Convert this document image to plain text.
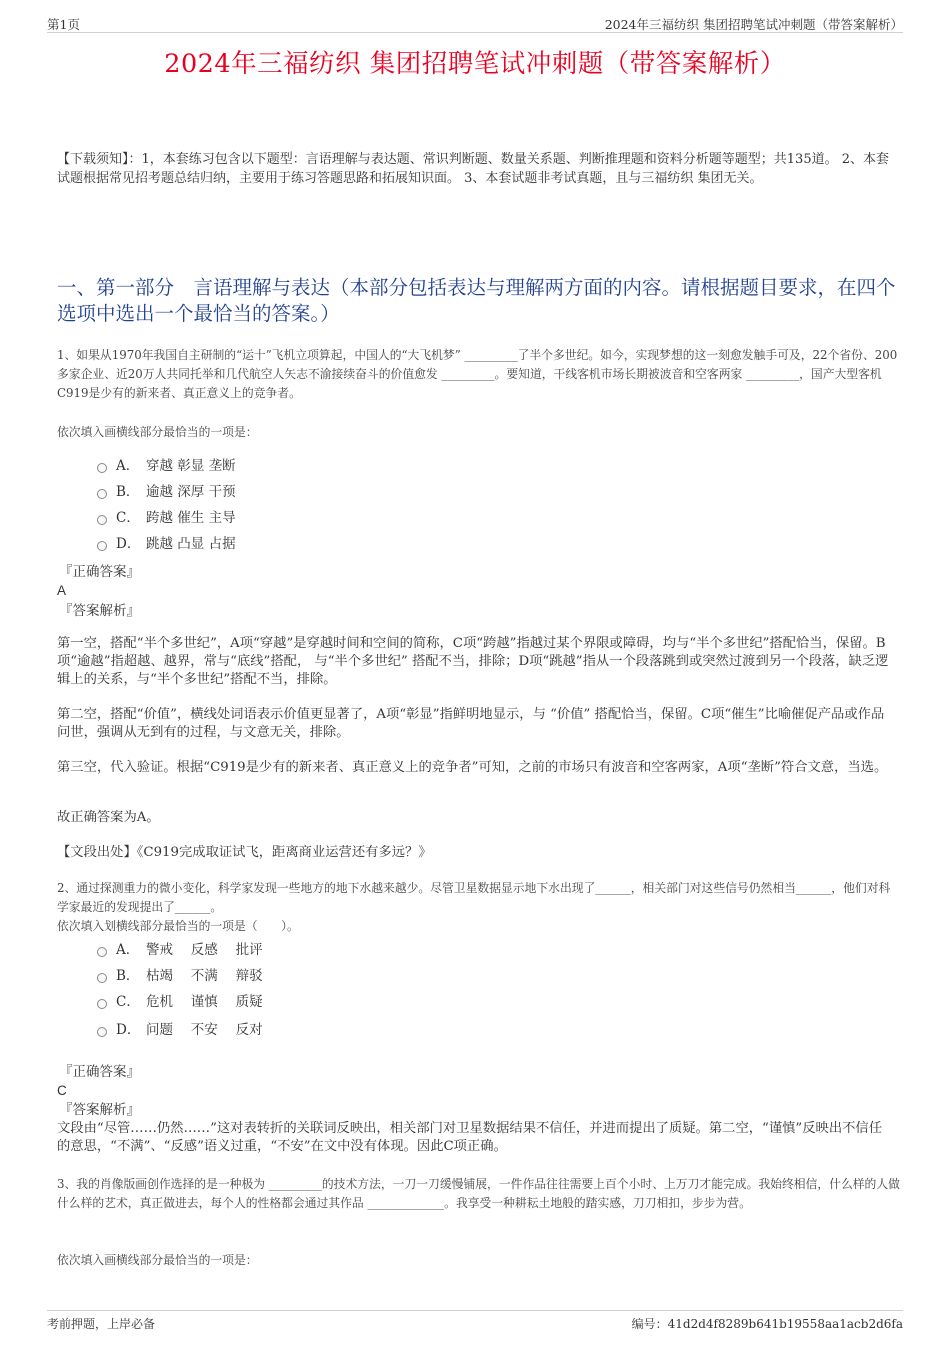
第1页	2024年三福纺织 集团招聘笔试冲刺题（带答案解析）
2024年三福纺织 集团招聘笔试冲刺题（带答案解析）
【下载须知】：1，本套练习包含以下题型：言语理解与表达题、常识判断题、数量关系题、判断推理题和资料分析题等题型；共135道。 2、本套试题根据常见招考题总结归纳，主要用于练习答题思路和拓展知识面。 3、本套试题非考试真题，且与三福纺织 集团无关。
一、第一部分　言语理解与表达（本部分包括表达与理解两方面的内容。请根据题目要求，在四个选项中选出一个最恰当的答案。）
1、如果从1970年我国自主研制的“运十”飞机立项算起，中国人的“大飞机梦” _________了半个多世纪。如今，实现梦想的这一刻愈发触手可及，22个省份、200多家企业、近20万人共同托举和几代航空人矢志不渝接续奋斗的价值愈发 _________。要知道，干线客机市场长期被波音和空客两家 _________，国产大型客机C919是少有的新来者、真正意义上的竞争者。
依次填入画横线部分最恰当的一项是：
A． 穿越 彰显 垄断
B． 逾越 深厚 干预
C． 跨越 催生 主导
D． 跳越 凸显 占据
『正确答案』
A
『答案解析』
第一空，搭配“半个多世纪”，A项“穿越”是穿越时间和空间的简称，C项“跨越”指越过某个界限或障碍，均与“半个多世纪”搭配恰当，保留。B项“逾越”指超越、越界，常与“底线”搭配， 与“半个多世纪” 搭配不当，排除；D项“跳越”指从一个段落跳到或突然过渡到另一个段落，缺乏逻辑上的关系，与“半个多世纪”搭配不当，排除。
第二空，搭配“价值”，横线处词语表示价值更显著了，A项“彰显”指鲜明地显示，与 “价值” 搭配恰当，保留。C项“催生”比喻催促产品或作品问世，强调从无到有的过程，与文意无关，排除。
第三空，代入验证。根据“C919是少有的新来者、真正意义上的竞争者”可知，之前的市场只有波音和空客两家，A项“垄断”符合文意，当选。
故正确答案为A。
【文段出处】《C919完成取证试飞，距离商业运营还有多远？》
2、通过探测重力的微小变化，科学家发现一些地方的地下水越来越少。尽管卫星数据显示地下水出现了______，相关部门对这些信号仍然相当______，他们对科学家最近的发现提出了______。
依次填入划横线部分最恰当的一项是（　　）。
A． 警戒　 反感　 批评
B． 枯竭　 不满　 辩驳
C． 危机　 谨慎　 质疑
D． 问题　 不安　 反对
『正确答案』
C
『答案解析』
文段由“尽管……仍然……”这对表转折的关联词反映出，相关部门对卫星数据结果不信任，并进而提出了质疑。第二空，“谨慎”反映出不信任的意思，“不满”、“反感”语义过重，“不安”在文中没有体现。因此C项正确。
3、我的肖像版画创作选择的是一种极为 _________的技术方法，一刀一刀缓慢铺展，一件作品往往需要上百个小时、上万刀才能完成。我始终相信，什么样的人做什么样的艺术，真正做进去，每个人的性格都会通过其作品 _____________。我享受一种耕耘土地般的踏实感，刀刀相扣，步步为营。
依次填入画横线部分最恰当的一项是：
考前押题，上岸必备	编号：41d2d4f8289b641b19558aa1acb2d6fa
